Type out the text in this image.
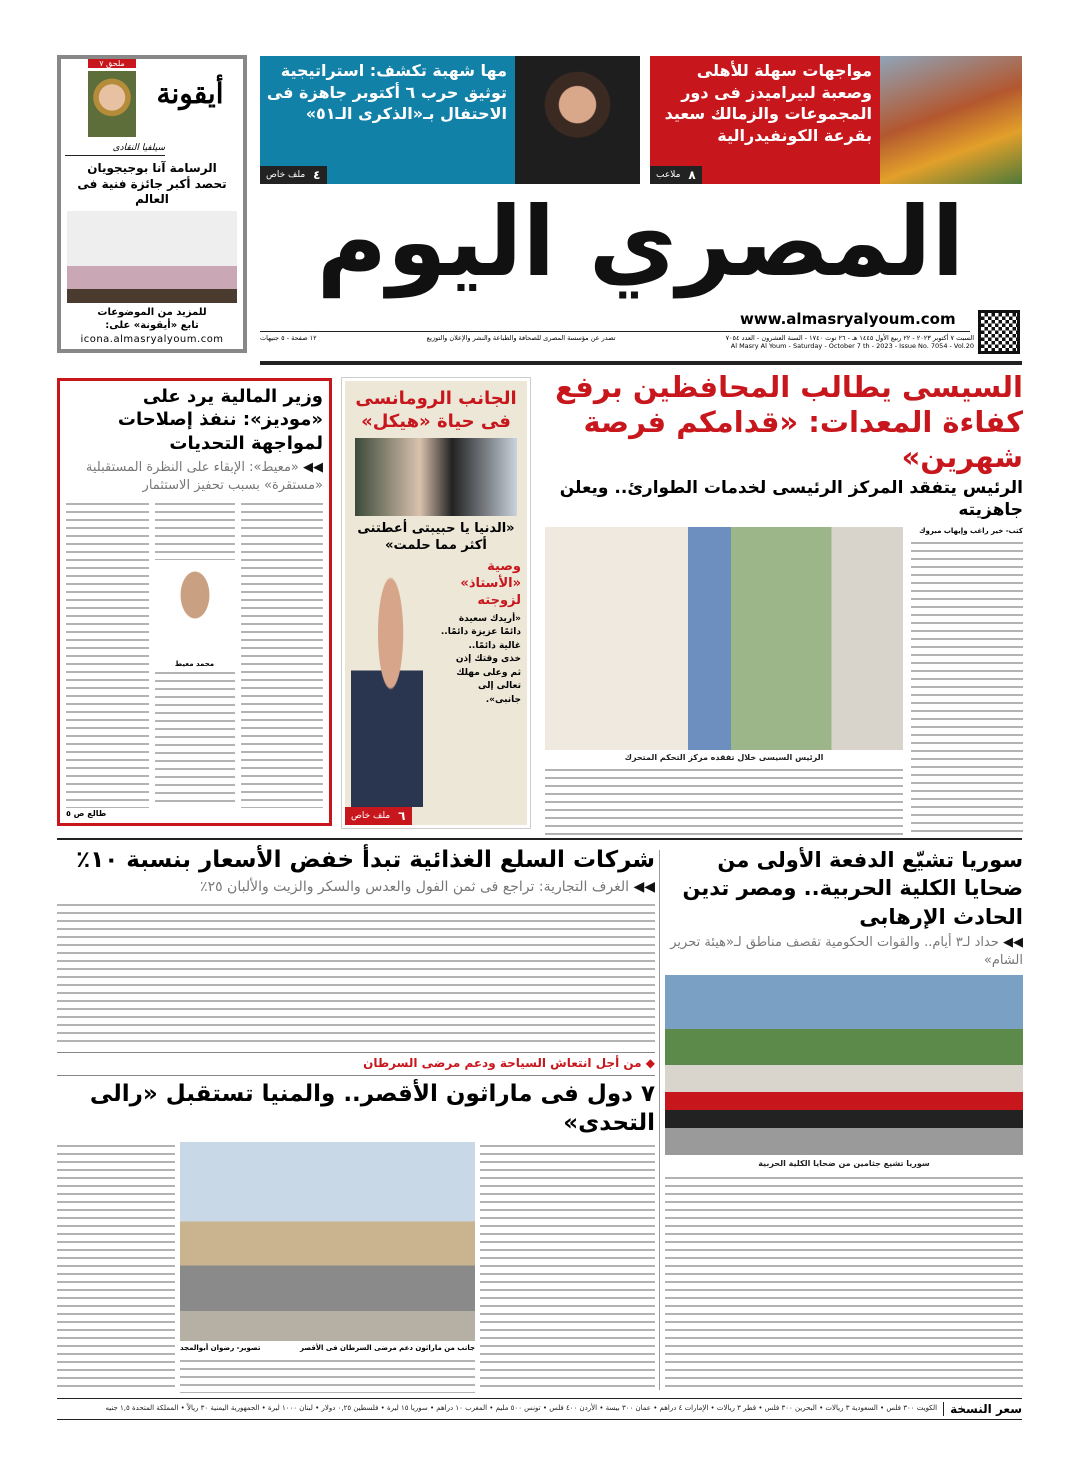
مواجهات سهلة للأهلى وصعبة لبيراميدز فى دور المجموعات والزمالك سعيد بقرعة الكونفيدرالية
٨
ملاعب
مها شهبة تكشف: استراتيجية توثيق حرب ٦ أكتوبر جاهزة فى الاحتفال بـ«الذكرى الـ٥١»
٤
ملف خاص
ملحق ٧
أيقونة
سيلفيا النقادى
الرسامة آنا بوجيجويان
تحصد أكبر جائزة فنية فى العالم
للمزيد من الموضوعات
تابع «أيقونة» على:
icona.almasryalyoum.com
المصري اليوم
www.almasryalyoum.com
السبت ٧ أكتوبر ٢٠٢٣ - ٢٢ ربيع الأول ١٤٤٥ هـ - ٢٦ توت ١٧٤٠ - السنة العشرون - العدد ٧٠٥٤
تصدر عن مؤسسة المصرى للصحافة والطباعة والنشر والإعلان والتوزيع
١٢ صفحة - ٥ جنيهات
Al Masry Al Youm - Saturday - October 7 th - 2023 - Issue No. 7054 - Vol.20
السيسى يطالب المحافظين برفع كفاءة المعدات: «قدامكم فرصة شهرين»
الرئيس يتفقد المركز الرئيسى لخدمات الطوارئ.. ويعلن جاهزيته
كتب- خير راغب وإيهاب مبروك
الرئيس السيسى خلال تفقده مركز التحكم المتحرك
الجانب الرومانسى فى حياة «هيكل»
«الدنيا يا حبيبتى أعطتنى أكثر مما حلمت»
وصية «الأستاذ» لزوجته
«أريدك سعيدة
دائمًا عزيزة دائمًا..
غالية دائمًا..
خذى وقتك إذن
ثم وعلى مهلك
تعالى إلى
جانبى».
٦
ملف خاص
وزير المالية يرد على «موديز»: ننفذ إصلاحات لمواجهة التحديات
◀◀ «معيط»: الإبقاء على النظرة المستقبلية «مستقرة» بسبب تحفيز الاستثمار
محمد معيط
طالع ص ٥
سوريا تشيّع الدفعة الأولى من ضحايا الكلية الحربية.. ومصر تدين الحادث الإرهابى
◀◀ حداد لـ٣ أيام.. والقوات الحكومية تقصف مناطق لـ«هيئة تحرير الشام»
سوريا تشيع جثامين من ضحايا الكلية الحربية
شركات السلع الغذائية تبدأ خفض الأسعار بنسبة ١٠٪
◀◀ الغرف التجارية: تراجع فى ثمن الفول والعدس والسكر والزيت والألبان ٢٥٪
◆ من أجل انتعاش السياحة ودعم مرضى السرطان
٧ دول فى ماراثون الأقصر.. والمنيا تستقبل «رالى التحدى»
جانب من ماراثون دعم مرضى السرطان فى الأقصر
تصوير- رضوان أبوالمجد
سعر النسخة
الكويت ٣٠٠ فلس • السعودية ٣ ريالات • البحرين ٣٠٠ فلس • قطر ٣ ريالات • الإمارات ٤ دراهم • عمان ٣٠٠ بيسة • الأردن ٤٠٠ فلس • تونس ٥٠٠ مليم • المغرب ١٠ دراهم • سوريا ١٥ ليرة • فلسطين ٠,٢٥ دولار • لبنان ١٠٠٠ ليرة • الجمهورية اليمنية ٣٠ ريالاً • المملكة المتحدة ١,٥ جنيه
